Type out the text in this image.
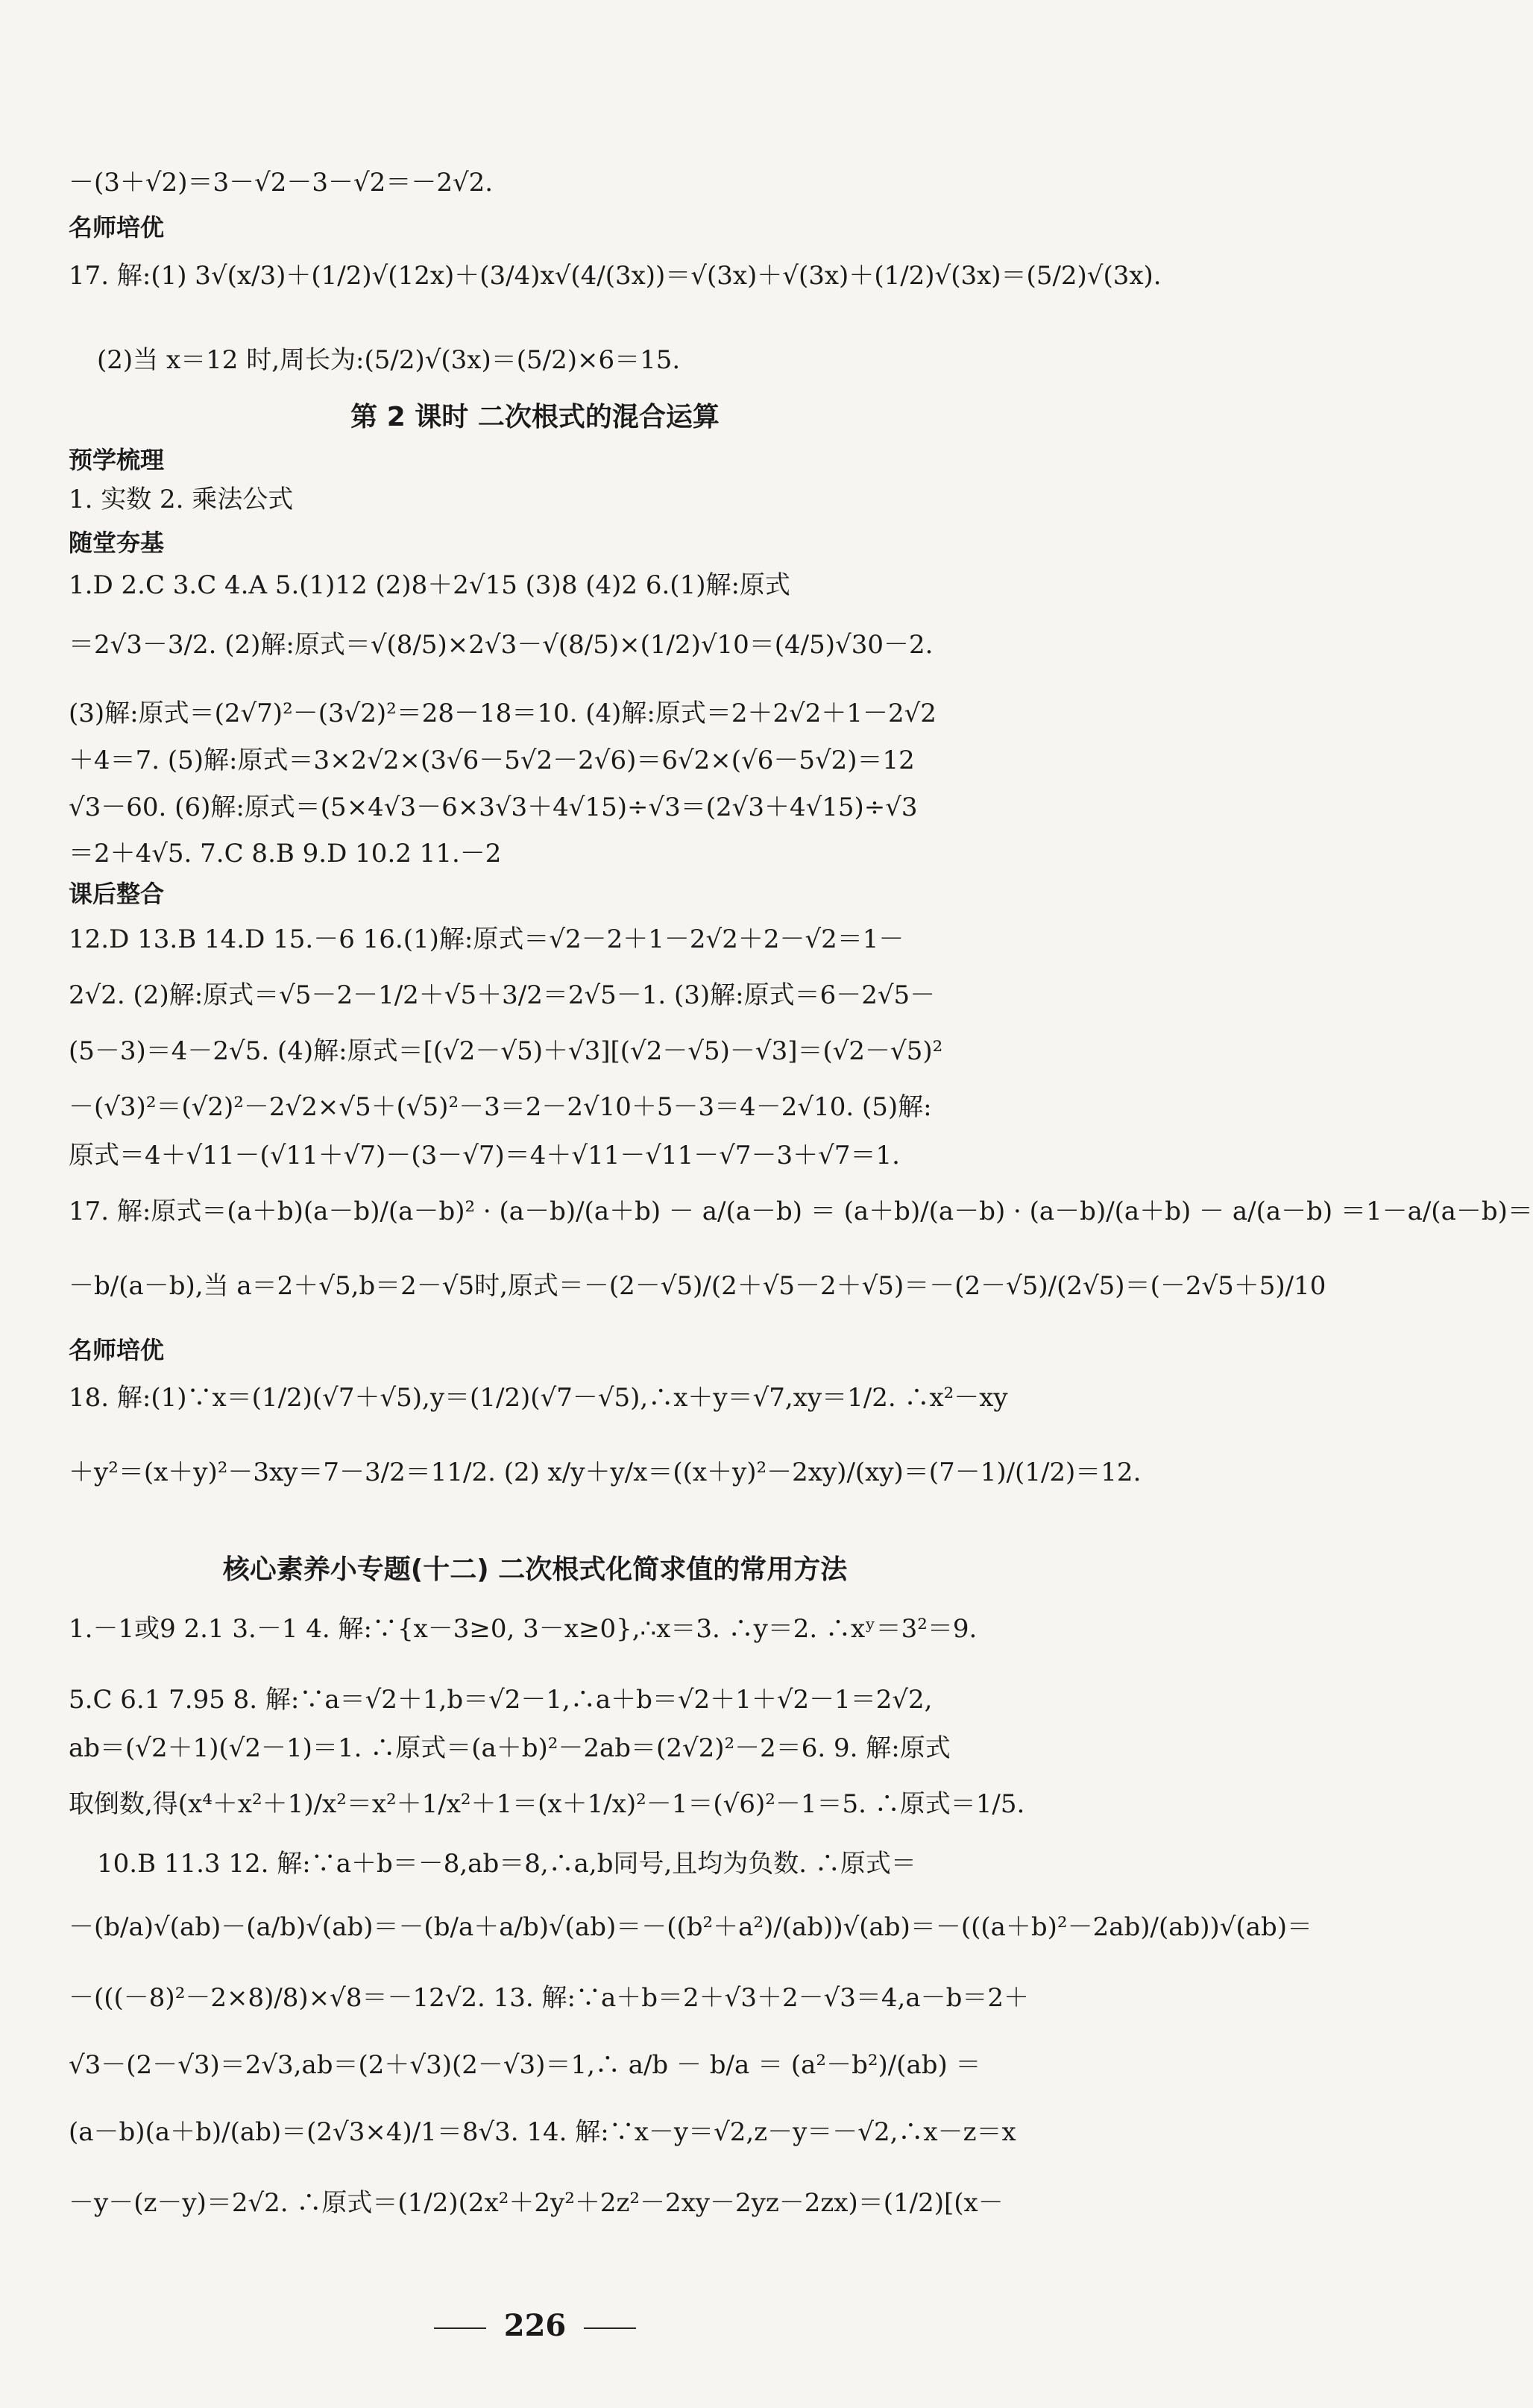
－(3＋√2)＝3－√2－3－√2＝－2√2.
名师培优
17. 解:(1) 3√(x/3)＋(1/2)√(12x)＋(3/4)x√(4/(3x))＝√(3x)＋√(3x)＋(1/2)√(3x)＝(5/2)√(3x).
(2)当 x＝12 时,周长为:(5/2)√(3x)＝(5/2)×6＝15.
第 2 课时 二次根式的混合运算
预学梳理
1. 实数 2. 乘法公式
随堂夯基
1.D 2.C 3.C 4.A 5.(1)12 (2)8＋2√15 (3)8 (4)2 6.(1)解:原式
＝2√3－3/2. (2)解:原式＝√(8/5)×2√3－√(8/5)×(1/2)√10＝(4/5)√30－2.
(3)解:原式＝(2√7)²－(3√2)²＝28－18＝10. (4)解:原式＝2＋2√2＋1－2√2
＋4＝7. (5)解:原式＝3×2√2×(3√6－5√2－2√6)＝6√2×(√6－5√2)＝12
√3－60. (6)解:原式＝(5×4√3－6×3√3＋4√15)÷√3＝(2√3＋4√15)÷√3
＝2＋4√5. 7.C 8.B 9.D 10.2 11.－2
课后整合
12.D 13.B 14.D 15.－6 16.(1)解:原式＝√2－2＋1－2√2＋2－√2＝1－
2√2. (2)解:原式＝√5－2－1/2＋√5＋3/2＝2√5－1. (3)解:原式＝6－2√5－
(5－3)＝4－2√5. (4)解:原式＝[(√2－√5)＋√3][(√2－√5)－√3]＝(√2－√5)²
－(√3)²＝(√2)²－2√2×√5＋(√5)²－3＝2－2√10＋5－3＝4－2√10. (5)解:
原式＝4＋√11－(√11＋√7)－(3－√7)＝4＋√11－√11－√7－3＋√7＝1.
17. 解:原式＝(a＋b)(a－b)/(a－b)² · (a－b)/(a＋b) － a/(a－b) ＝ (a＋b)/(a－b) · (a－b)/(a＋b) － a/(a－b) ＝1－a/(a－b)＝
－b/(a－b),当 a＝2＋√5,b＝2－√5时,原式＝－(2－√5)/(2＋√5－2＋√5)＝－(2－√5)/(2√5)＝(－2√5＋5)/10
名师培优
18. 解:(1)∵x＝(1/2)(√7＋√5),y＝(1/2)(√7－√5),∴x＋y＝√7,xy＝1/2. ∴x²－xy
＋y²＝(x＋y)²－3xy＝7－3/2＝11/2. (2) x/y＋y/x＝((x＋y)²－2xy)/(xy)＝(7－1)/(1/2)＝12.
核心素养小专题(十二) 二次根式化简求值的常用方法
1.－1或9 2.1 3.－1 4. 解:∵{x－3≥0, 3－x≥0},∴x＝3. ∴y＝2. ∴xʸ＝3²＝9.
5.C 6.1 7.95 8. 解:∵a＝√2＋1,b＝√2－1,∴a＋b＝√2＋1＋√2－1＝2√2,
ab＝(√2＋1)(√2－1)＝1. ∴原式＝(a＋b)²－2ab＝(2√2)²－2＝6. 9. 解:原式
取倒数,得(x⁴＋x²＋1)/x²＝x²＋1/x²＋1＝(x＋1/x)²－1＝(√6)²－1＝5. ∴原式＝1/5.
10.B 11.3 12. 解:∵a＋b＝－8,ab＝8,∴a,b同号,且均为负数. ∴原式＝
－(b/a)√(ab)－(a/b)√(ab)＝－(b/a＋a/b)√(ab)＝－((b²＋a²)/(ab))√(ab)＝－(((a＋b)²－2ab)/(ab))√(ab)＝
－(((－8)²－2×8)/8)×√8＝－12√2. 13. 解:∵a＋b＝2＋√3＋2－√3＝4,a－b＝2＋
√3－(2－√3)＝2√3,ab＝(2＋√3)(2－√3)＝1,∴ a/b － b/a ＝ (a²－b²)/(ab) ＝
(a－b)(a＋b)/(ab)＝(2√3×4)/1＝8√3. 14. 解:∵x－y＝√2,z－y＝－√2,∴x－z＝x
－y－(z－y)＝2√2. ∴原式＝(1/2)(2x²＋2y²＋2z²－2xy－2yz－2zx)＝(1/2)[(x－
226
